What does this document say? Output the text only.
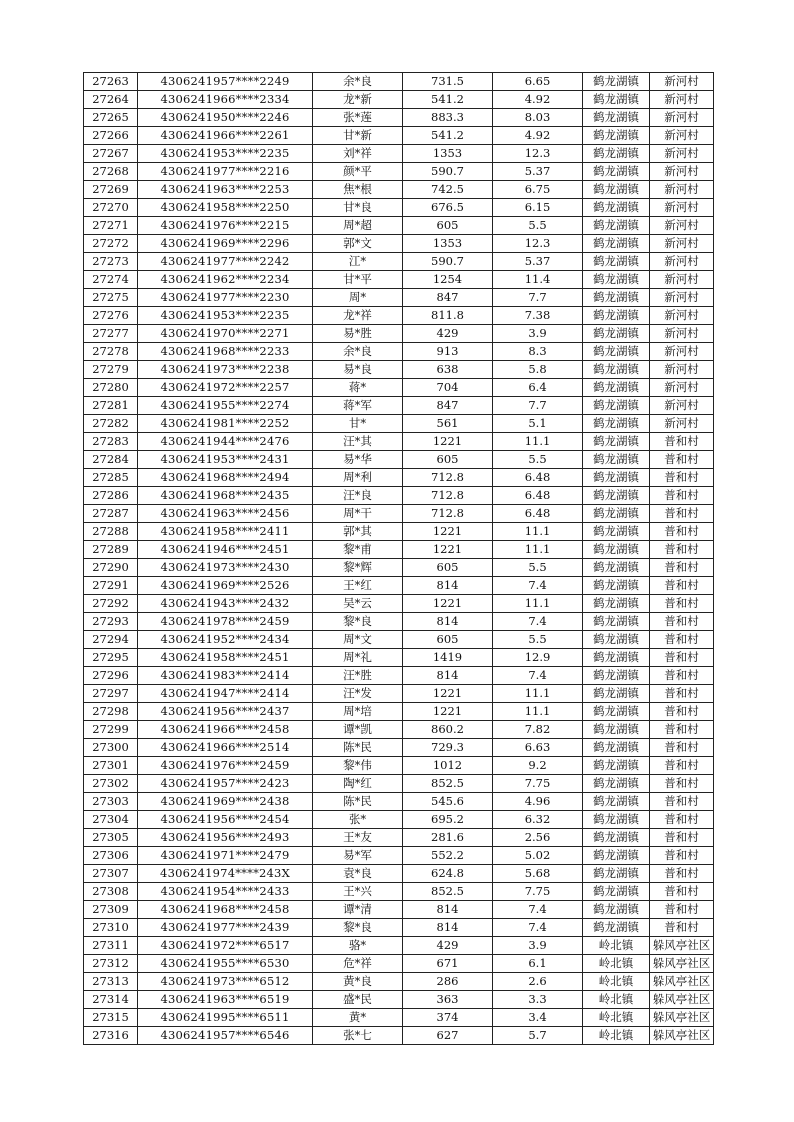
27263	4306241957****2249	余*良	731.5	6.65	鹤龙湖镇	新河村
27264	4306241966****2334	龙*新	541.2	4.92	鹤龙湖镇	新河村
27265	4306241950****2246	张*莲	883.3	8.03	鹤龙湖镇	新河村
27266	4306241966****2261	甘*新	541.2	4.92	鹤龙湖镇	新河村
27267	4306241953****2235	刘*祥	1353	12.3	鹤龙湖镇	新河村
27268	4306241977****2216	颜*平	590.7	5.37	鹤龙湖镇	新河村
27269	4306241963****2253	焦*根	742.5	6.75	鹤龙湖镇	新河村
27270	4306241958****2250	甘*良	676.5	6.15	鹤龙湖镇	新河村
27271	4306241976****2215	周*超	605	5.5	鹤龙湖镇	新河村
27272	4306241969****2296	郭*文	1353	12.3	鹤龙湖镇	新河村
27273	4306241977****2242	江*	590.7	5.37	鹤龙湖镇	新河村
27274	4306241962****2234	甘*平	1254	11.4	鹤龙湖镇	新河村
27275	4306241977****2230	周*	847	7.7	鹤龙湖镇	新河村
27276	4306241953****2235	龙*祥	811.8	7.38	鹤龙湖镇	新河村
27277	4306241970****2271	易*胜	429	3.9	鹤龙湖镇	新河村
27278	4306241968****2233	余*良	913	8.3	鹤龙湖镇	新河村
27279	4306241973****2238	易*良	638	5.8	鹤龙湖镇	新河村
27280	4306241972****2257	蒋*	704	6.4	鹤龙湖镇	新河村
27281	4306241955****2274	蒋*军	847	7.7	鹤龙湖镇	新河村
27282	4306241981****2252	甘*	561	5.1	鹤龙湖镇	新河村
27283	4306241944****2476	汪*其	1221	11.1	鹤龙湖镇	普和村
27284	4306241953****2431	易*华	605	5.5	鹤龙湖镇	普和村
27285	4306241968****2494	周*利	712.8	6.48	鹤龙湖镇	普和村
27286	4306241968****2435	汪*良	712.8	6.48	鹤龙湖镇	普和村
27287	4306241963****2456	周*干	712.8	6.48	鹤龙湖镇	普和村
27288	4306241958****2411	郭*其	1221	11.1	鹤龙湖镇	普和村
27289	4306241946****2451	黎*甫	1221	11.1	鹤龙湖镇	普和村
27290	4306241973****2430	黎*辉	605	5.5	鹤龙湖镇	普和村
27291	4306241969****2526	王*红	814	7.4	鹤龙湖镇	普和村
27292	4306241943****2432	吴*云	1221	11.1	鹤龙湖镇	普和村
27293	4306241978****2459	黎*良	814	7.4	鹤龙湖镇	普和村
27294	4306241952****2434	周*文	605	5.5	鹤龙湖镇	普和村
27295	4306241958****2451	周*礼	1419	12.9	鹤龙湖镇	普和村
27296	4306241983****2414	汪*胜	814	7.4	鹤龙湖镇	普和村
27297	4306241947****2414	汪*发	1221	11.1	鹤龙湖镇	普和村
27298	4306241956****2437	周*培	1221	11.1	鹤龙湖镇	普和村
27299	4306241966****2458	谭*凯	860.2	7.82	鹤龙湖镇	普和村
27300	4306241966****2514	陈*民	729.3	6.63	鹤龙湖镇	普和村
27301	4306241976****2459	黎*伟	1012	9.2	鹤龙湖镇	普和村
27302	4306241957****2423	陶*红	852.5	7.75	鹤龙湖镇	普和村
27303	4306241969****2438	陈*民	545.6	4.96	鹤龙湖镇	普和村
27304	4306241956****2454	张*	695.2	6.32	鹤龙湖镇	普和村
27305	4306241956****2493	王*友	281.6	2.56	鹤龙湖镇	普和村
27306	4306241971****2479	易*军	552.2	5.02	鹤龙湖镇	普和村
27307	4306241974****243X	袁*良	624.8	5.68	鹤龙湖镇	普和村
27308	4306241954****2433	王*兴	852.5	7.75	鹤龙湖镇	普和村
27309	4306241968****2458	谭*清	814	7.4	鹤龙湖镇	普和村
27310	4306241977****2439	黎*良	814	7.4	鹤龙湖镇	普和村
27311	4306241972****6517	骆*	429	3.9	岭北镇	躲风亭社区
27312	4306241955****6530	危*祥	671	6.1	岭北镇	躲风亭社区
27313	4306241973****6512	黄*良	286	2.6	岭北镇	躲风亭社区
27314	4306241963****6519	盛*民	363	3.3	岭北镇	躲风亭社区
27315	4306241995****6511	黄*	374	3.4	岭北镇	躲风亭社区
27316	4306241957****6546	张*七	627	5.7	岭北镇	躲风亭社区
